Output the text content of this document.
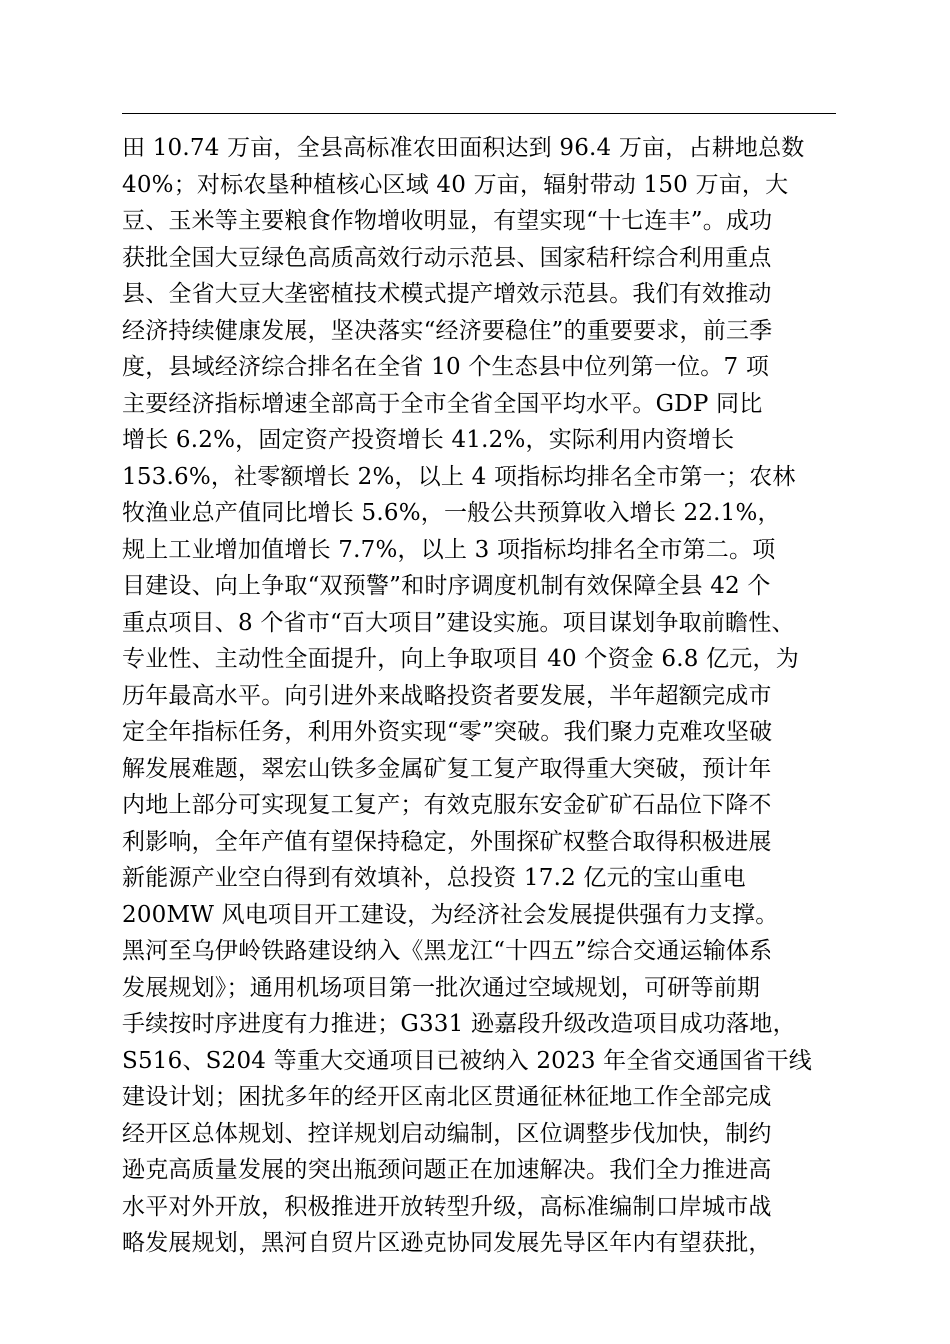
田 10.74 万亩，全县高标准农田面积达到 96.4 万亩，占耕地总数
40%；对标农垦种植核心区域 40 万亩，辐射带动 150 万亩，大
豆、玉米等主要粮食作物增收明显，有望实现“十七连丰”。成功
获批全国大豆绿色高质高效行动示范县、国家秸秆综合利用重点
县、全省大豆大垄密植技术模式提产增效示范县。我们有效推动
经济持续健康发展，坚决落实“经济要稳住”的重要要求，前三季
度，县域经济综合排名在全省 10 个生态县中位列第一位。7 项
主要经济指标增速全部高于全市全省全国平均水平。GDP 同比
增长 6.2%，固定资产投资增长 41.2%，实际利用内资增长
153.6%，社零额增长 2%，以上 4 项指标均排名全市第一；农林
牧渔业总产值同比增长 5.6%，一般公共预算收入增长 22.1%，
规上工业增加值增长 7.7%，以上 3 项指标均排名全市第二。项
目建设、向上争取“双预警”和时序调度机制有效保障全县 42 个
重点项目、8 个省市“百大项目”建设实施。项目谋划争取前瞻性、
专业性、主动性全面提升，向上争取项目 40 个资金 6.8 亿元，为
历年最高水平。向引进外来战略投资者要发展，半年超额完成市
定全年指标任务，利用外资实现“零”突破。我们聚力克难攻坚破
解发展难题，翠宏山铁多金属矿复工复产取得重大突破，预计年
内地上部分可实现复工复产；有效克服东安金矿矿石品位下降不
利影响，全年产值有望保持稳定，外围探矿权整合取得积极进展
新能源产业空白得到有效填补，总投资 17.2 亿元的宝山重电
200MW 风电项目开工建设，为经济社会发展提供强有力支撑。
黑河至乌伊岭铁路建设纳入《黑龙江“十四五”综合交通运输体系
发展规划》；通用机场项目第一批次通过空域规划，可研等前期
手续按时序进度有力推进；G331 逊嘉段升级改造项目成功落地，
S516、S204 等重大交通项目已被纳入 2023 年全省交通国省干线
建设计划；困扰多年的经开区南北区贯通征林征地工作全部完成
经开区总体规划、控详规划启动编制，区位调整步伐加快，制约
逊克高质量发展的突出瓶颈问题正在加速解决。我们全力推进高
水平对外开放，积极推进开放转型升级，高标准编制口岸城市战
略发展规划，黑河自贸片区逊克协同发展先导区年内有望获批，
